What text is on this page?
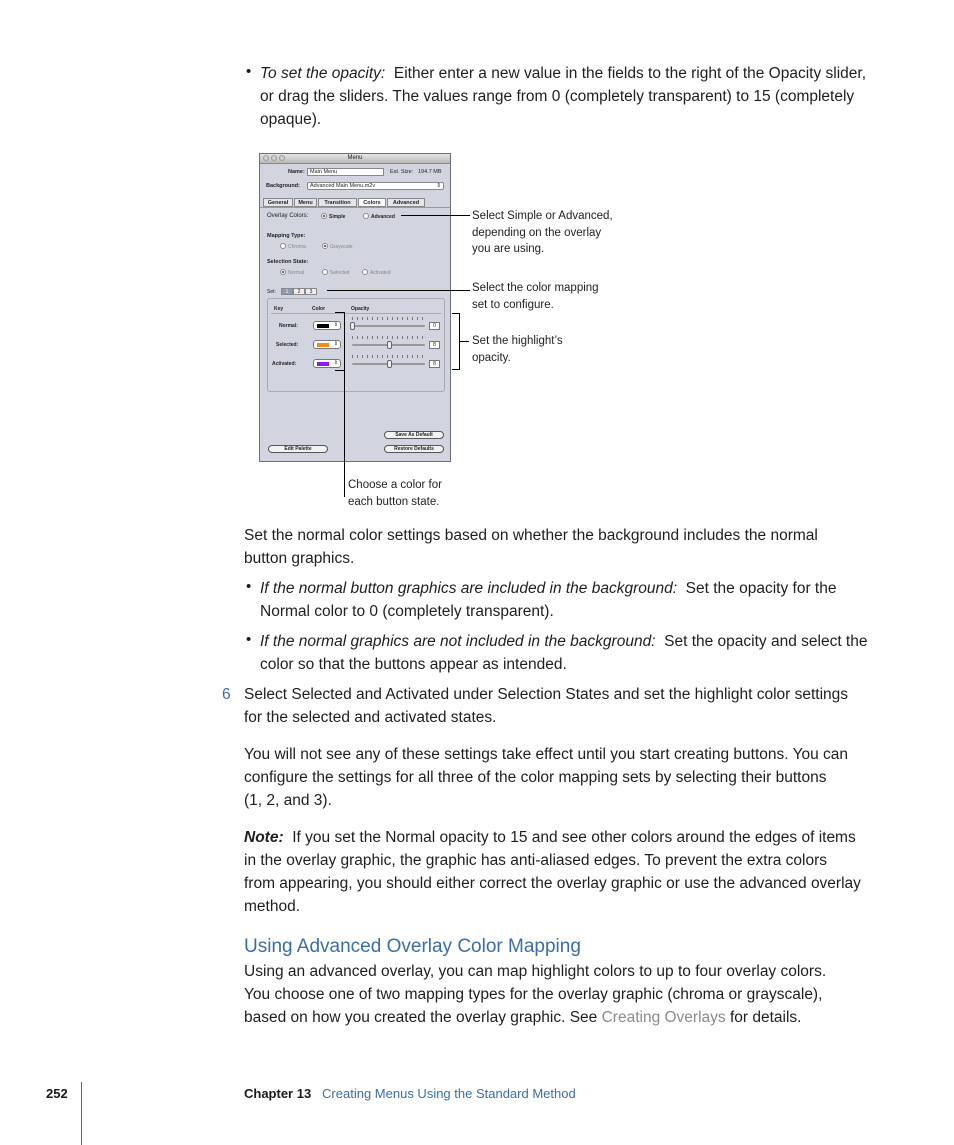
• To set the opacity: Either enter a new value in the fields to the right of the Opacity slider,
or drag the sliders. The values range from 0 (completely transparent) to 15 (completely
opaque).
Menu
Name: Main Menu	Est. Size: 194.7 MB
Background:	Advanced Main Menu.m2v	⇕
General	Menu	Transition	Colors	Advanced
Overlay Colors:	Simple	Advanced
Mapping Type:
Chroma	Grayscale
Selection State:
Normal	Selected	Activated
Set:	1	2	3
Key	Color	Opacity
Normal:	⇕	0
Selected:	⇕	8
Activated:	⇕	8
Save As Default
Restore Defaults
Edit Palette
Select Simple or Advanced,
depending on the overlay
you are using.
Select the color mapping
set to configure.
Set the highlight’s
opacity.
Choose a color for
each button state.
Set the normal color settings based on whether the background includes the normal
button graphics.
• If the normal button graphics are included in the background: Set the opacity for the
Normal color to 0 (completely transparent).
• If the normal graphics are not included in the background: Set the opacity and select the
color so that the buttons appear as intended.
6 Select Selected and Activated under Selection States and set the highlight color settings
for the selected and activated states.
You will not see any of these settings take effect until you start creating buttons. You can
configure the settings for all three of the color mapping sets by selecting their buttons
(1, 2, and 3).
Note: If you set the Normal opacity to 15 and see other colors around the edges of items
in the overlay graphic, the graphic has anti-aliased edges. To prevent the extra colors
from appearing, you should either correct the overlay graphic or use the advanced overlay
method.
Using Advanced Overlay Color Mapping
Using an advanced overlay, you can map highlight colors to up to four overlay colors.
You choose one of two mapping types for the overlay graphic (chroma or grayscale),
based on how you created the overlay graphic. See Creating Overlays for details.
252	Chapter 13 Creating Menus Using the Standard Method
